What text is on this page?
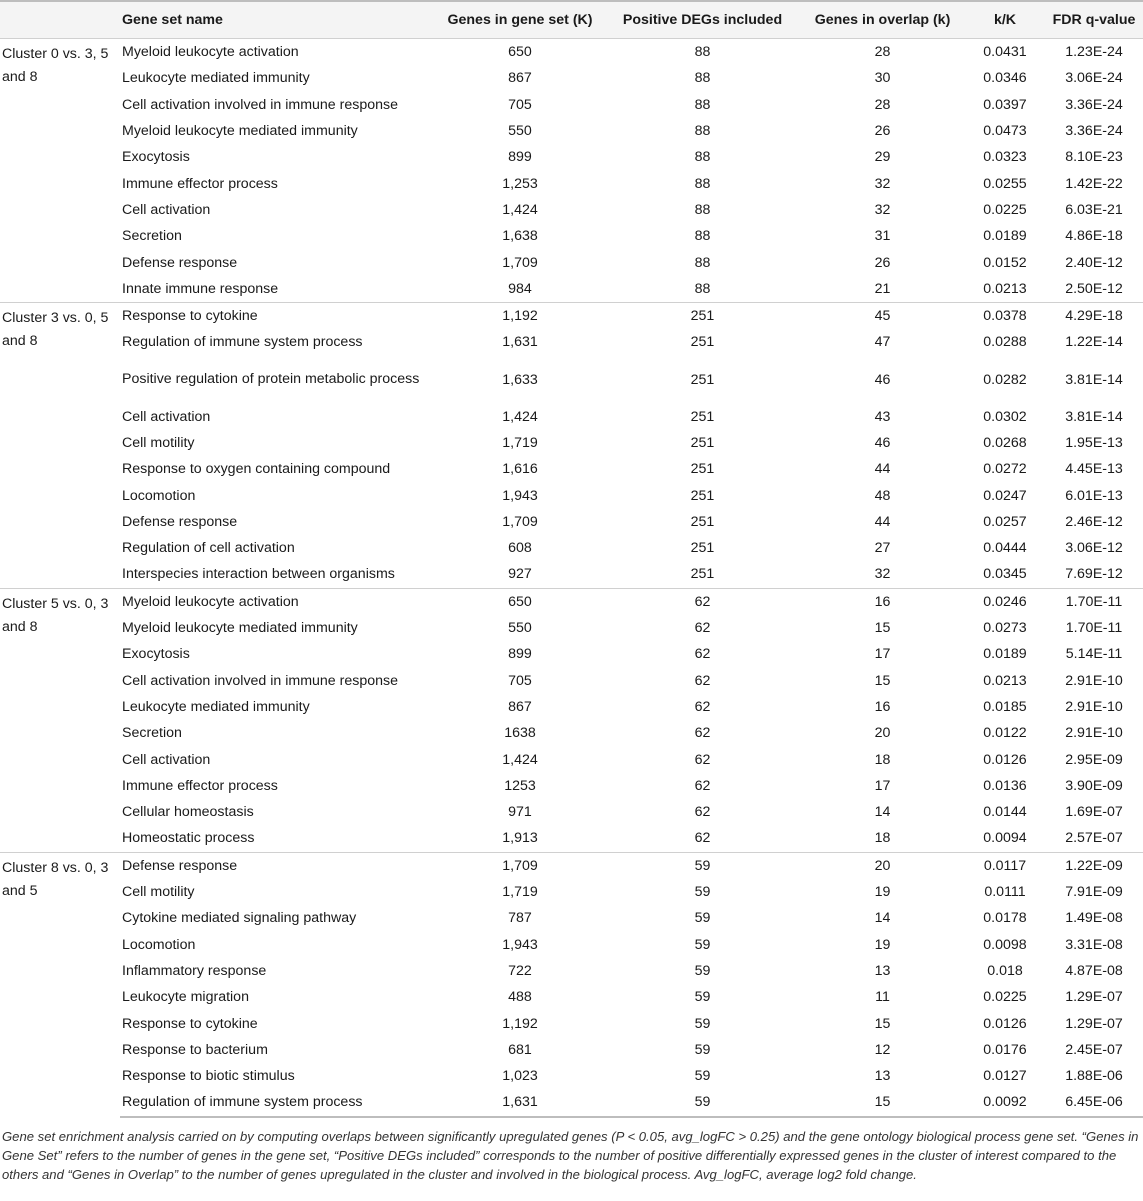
	Gene set name	Genes in gene set (K)	Positive DEGs included	Genes in overlap (k)	k/K	FDR q-value
Cluster 0 vs. 3, 5 and 8	Myeloid leukocyte activation	650	88	28	0.0431	1.23E-24
	Leukocyte mediated immunity	867	88	30	0.0346	3.06E-24
	Cell activation involved in immune response	705	88	28	0.0397	3.36E-24
	Myeloid leukocyte mediated immunity	550	88	26	0.0473	3.36E-24
	Exocytosis	899	88	29	0.0323	8.10E-23
	Immune effector process	1,253	88	32	0.0255	1.42E-22
	Cell activation	1,424	88	32	0.0225	6.03E-21
	Secretion	1,638	88	31	0.0189	4.86E-18
	Defense response	1,709	88	26	0.0152	2.40E-12
	Innate immune response	984	88	21	0.0213	2.50E-12
Cluster 3 vs. 0, 5 and 8	Response to cytokine	1,192	251	45	0.0378	4.29E-18
	Regulation of immune system process	1,631	251	47	0.0288	1.22E-14
	Positive regulation of protein metabolic process	1,633	251	46	0.0282	3.81E-14
	Cell activation	1,424	251	43	0.0302	3.81E-14
	Cell motility	1,719	251	46	0.0268	1.95E-13
	Response to oxygen containing compound	1,616	251	44	0.0272	4.45E-13
	Locomotion	1,943	251	48	0.0247	6.01E-13
	Defense response	1,709	251	44	0.0257	2.46E-12
	Regulation of cell activation	608	251	27	0.0444	3.06E-12
	Interspecies interaction between organisms	927	251	32	0.0345	7.69E-12
Cluster 5 vs. 0, 3 and 8	Myeloid leukocyte activation	650	62	16	0.0246	1.70E-11
	Myeloid leukocyte mediated immunity	550	62	15	0.0273	1.70E-11
	Exocytosis	899	62	17	0.0189	5.14E-11
	Cell activation involved in immune response	705	62	15	0.0213	2.91E-10
	Leukocyte mediated immunity	867	62	16	0.0185	2.91E-10
	Secretion	1638	62	20	0.0122	2.91E-10
	Cell activation	1,424	62	18	0.0126	2.95E-09
	Immune effector process	1253	62	17	0.0136	3.90E-09
	Cellular homeostasis	971	62	14	0.0144	1.69E-07
	Homeostatic process	1,913	62	18	0.0094	2.57E-07
Cluster 8 vs. 0, 3 and 5	Defense response	1,709	59	20	0.0117	1.22E-09
	Cell motility	1,719	59	19	0.0111	7.91E-09
	Cytokine mediated signaling pathway	787	59	14	0.0178	1.49E-08
	Locomotion	1,943	59	19	0.0098	3.31E-08
	Inflammatory response	722	59	13	0.018	4.87E-08
	Leukocyte migration	488	59	11	0.0225	1.29E-07
	Response to cytokine	1,192	59	15	0.0126	1.29E-07
	Response to bacterium	681	59	12	0.0176	2.45E-07
	Response to biotic stimulus	1,023	59	13	0.0127	1.88E-06
	Regulation of immune system process	1,631	59	15	0.0092	6.45E-06
Gene set enrichment analysis carried on by computing overlaps between significantly upregulated genes (P < 0.05, avg_logFC > 0.25) and the gene ontology biological process gene set. “Genes in Gene Set” refers to the number of genes in the gene set, “Positive DEGs included” corresponds to the number of positive differentially expressed genes in the cluster of interest compared to the others and “Genes in Overlap” to the number of genes upregulated in the cluster and involved in the biological process. Avg_logFC, average log2 fold change.
